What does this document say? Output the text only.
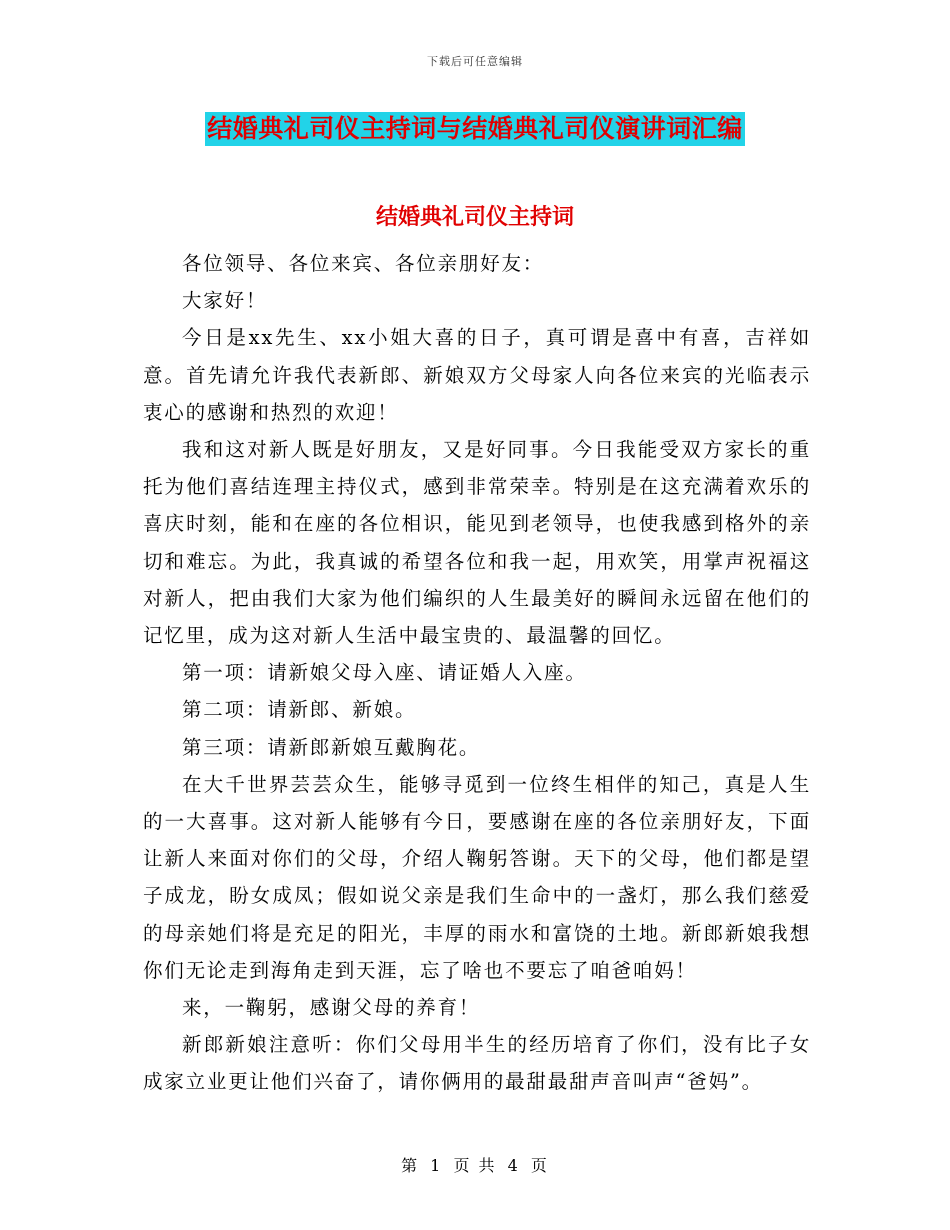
下载后可任意编辑
结婚典礼司仪主持词与结婚典礼司仪演讲词汇编
结婚典礼司仪主持词

各位领导、各位来宾、各位亲朋好友：

大家好！

今日是xx先生、xx小姐大喜的日子，真可谓是喜中有喜，吉祥如意。首先请允许我代表新郎、新娘双方父母家人向各位来宾的光临表示衷心的感谢和热烈的欢迎！

我和这对新人既是好朋友，又是好同事。今日我能受双方家长的重托为他们喜结连理主持仪式，感到非常荣幸。特别是在这充满着欢乐的喜庆时刻，能和在座的各位相识，能见到老领导，也使我感到格外的亲切和难忘。为此，我真诚的希望各位和我一起，用欢笑，用掌声祝福这对新人，把由我们大家为他们编织的人生最美好的瞬间永远留在他们的记忆里，成为这对新人生活中最宝贵的、最温馨的回忆。

第一项：请新娘父母入座、请证婚人入座。

第二项：请新郎、新娘。

第三项：请新郎新娘互戴胸花。

在大千世界芸芸众生，能够寻觅到一位终生相伴的知己，真是人生的一大喜事。这对新人能够有今日，要感谢在座的各位亲朋好友，下面让新人来面对你们的父母，介绍人鞠躬答谢。天下的父母，他们都是望子成龙，盼女成凤；假如说父亲是我们生命中的一盏灯，那么我们慈爱的母亲她们将是充足的阳光，丰厚的雨水和富饶的土地。新郎新娘我想你们无论走到海角走到天涯，忘了啥也不要忘了咱爸咱妈！

来，一鞠躬，感谢父母的养育！

新郎新娘注意听：你们父母用半生的经历培育了你们，没有比子女成家立业更让他们兴奋了，请你俩用的最甜最甜声音叫声“爸妈”。

第 1 页 共 4 页
